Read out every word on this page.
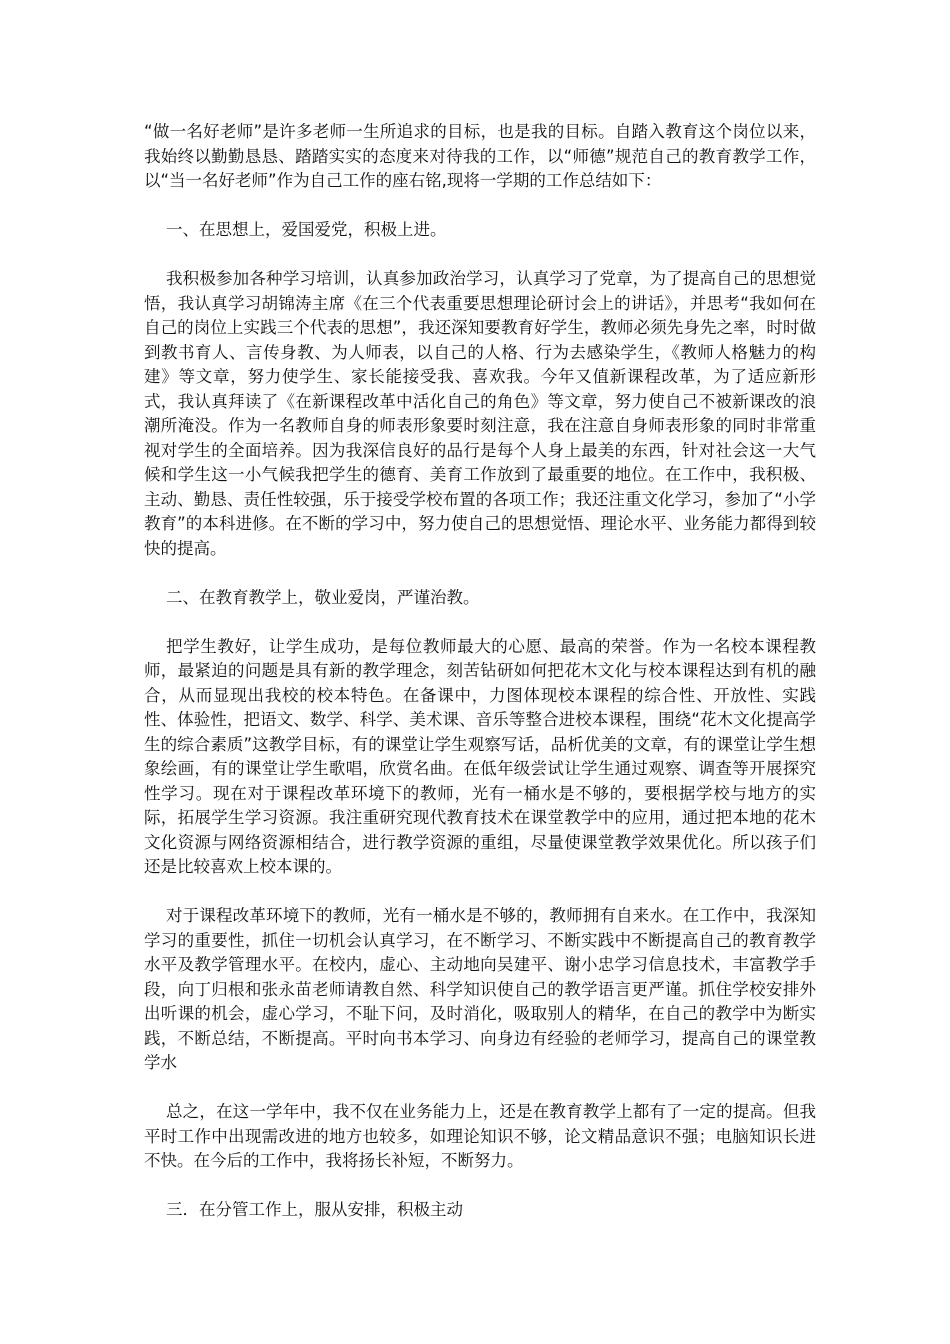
“做一名好老师”是许多老师一生所追求的目标，也是我的目标。自踏入教育这个岗位以来，我始终以勤勤恳恳、踏踏实实的态度来对待我的工作，以“师德”规范自己的教育教学工作，以“当一名好老师”作为自己工作的座右铭,现将一学期的工作总结如下：

一、在思想上，爱国爱党，积极上进。

我积极参加各种学习培训，认真参加政治学习，认真学习了党章，为了提高自己的思想觉悟，我认真学习胡锦涛主席《在三个代表重要思想理论研讨会上的讲话》，并思考“我如何在自己的岗位上实践三个代表的思想”，我还深知要教育好学生，教师必须先身先之率，时时做到教书育人、言传身教、为人师表，以自己的人格、行为去感染学生，《教师人格魅力的构建》等文章，努力使学生、家长能接受我、喜欢我。今年又值新课程改革，为了适应新形式，我认真拜读了《在新课程改革中活化自己的角色》等文章，努力使自己不被新课改的浪潮所淹没。作为一名教师自身的师表形象要时刻注意，我在注意自身师表形象的同时非常重视对学生的全面培养。因为我深信良好的品行是每个人身上最美的东西，针对社会这一大气候和学生这一小气候我把学生的德育、美育工作放到了最重要的地位。在工作中，我积极、主动、勤恳、责任性较强，乐于接受学校布置的各项工作；我还注重文化学习，参加了“小学教育”的本科进修。在不断的学习中，努力使自己的思想觉悟、理论水平、业务能力都得到较快的提高。

二、在教育教学上，敬业爱岗，严谨治教。

把学生教好，让学生成功，是每位教师最大的心愿、最高的荣誉。作为一名校本课程教师，最紧迫的问题是具有新的教学理念，刻苦钻研如何把花木文化与校本课程达到有机的融合，从而显现出我校的校本特色。在备课中，力图体现校本课程的综合性、开放性、实践性、体验性，把语文、数学、科学、美术课、音乐等整合进校本课程，围绕“花木文化提高学生的综合素质”这教学目标，有的课堂让学生观察写话，品析优美的文章，有的课堂让学生想象绘画，有的课堂让学生歌唱，欣赏名曲。在低年级尝试让学生通过观察、调查等开展探究性学习。现在对于课程改革环境下的教师，光有一桶水是不够的，要根据学校与地方的实际，拓展学生学习资源。我注重研究现代教育技术在课堂教学中的应用，通过把本地的花木文化资源与网络资源相结合，进行教学资源的重组，尽量使课堂教学效果优化。所以孩子们还是比较喜欢上校本课的。

对于课程改革环境下的教师，光有一桶水是不够的，教师拥有自来水。在工作中，我深知学习的重要性，抓住一切机会认真学习，在不断学习、不断实践中不断提高自己的教育教学水平及教学管理水平。在校内，虚心、主动地向吴建平、谢小忠学习信息技术，丰富教学手段，向丁归根和张永苗老师请教自然、科学知识使自己的教学语言更严谨。抓住学校安排外出听课的机会，虚心学习，不耻下问，及时消化，吸取别人的精华，在自己的教学中为断实践，不断总结，不断提高。平时向书本学习、向身边有经验的老师学习，提高自己的课堂教学水

总之，在这一学年中，我不仅在业务能力上，还是在教育教学上都有了一定的提高。但我平时工作中出现需改进的地方也较多，如理论知识不够，论文精品意识不强；电脑知识长进不快。在今后的工作中，我将扬长补短，不断努力。

三．在分管工作上，服从安排，积极主动
